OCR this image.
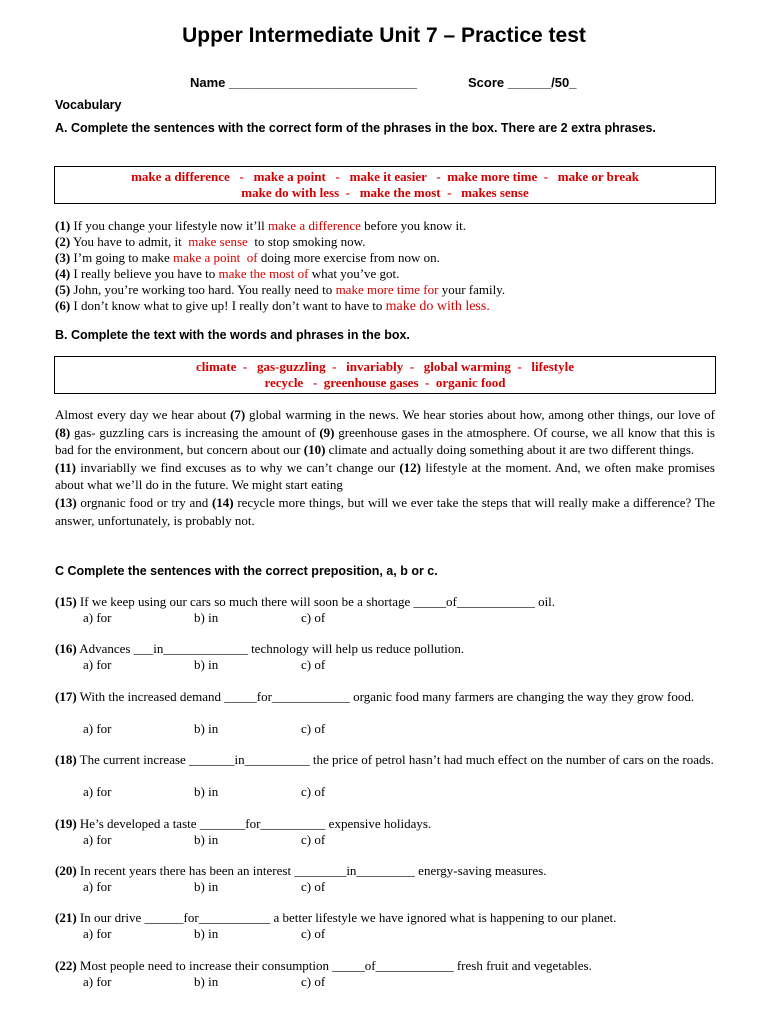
Upper Intermediate Unit 7 – Practice test
Name __________________________	Score ______/50_
Vocabulary
A. Complete the sentences with the correct form of the phrases in the box. There are 2 extra phrases.
make a difference   -   make a point   -   make it easier   -  make more time  -   make or break
make do with less  -   make the most  -   makes sense
(1) If you change your lifestyle now it’ll make a difference before you know it.
(2) You have to admit, it  make sense  to stop smoking now.
(3) I’m going to make make a point  of doing more exercise from now on.
(4) I really believe you have to make the most of what you’ve got.
(5) John, you’re working too hard. You really need to make more time for your family.
(6) I don’t know what to give up! I really don’t want to have to make do with less.
B. Complete the text with the words and phrases in the box.
climate  -   gas-guzzling  -   invariably  -   global warming  -   lifestyle
recycle   -  greenhouse gases  -  organic food
Almost every day we hear about (7) global warming in the news. We hear stories about how, among other things, our love of (8) gas- guzzling cars is increasing the amount of (9) greenhouse gases in the atmosphere. Of course, we all know that this is bad for the environment, but concern about our (10) climate and actually doing something about it are two different things.
(11) invariablly we find excuses as to why we can’t change our (12) lifestyle at the moment. And, we often make promises about what we’ll do in the future. We might start eating
(13) orgnanic food or try and (14) recycle more things, but will we ever take the steps that will really make a difference? The answer, unfortunately, is probably not.
C Complete the sentences with the correct preposition, a, b or c.
(15) If we keep using our cars so much there will soon be a shortage _____of____________ oil.
a) for	b) in	c) of
(16) Advances ___in_____________ technology will help us reduce pollution.
a) for	b) in	c) of
(17) With the increased demand _____for____________ organic food many farmers are changing the way they grow food.
a) for	b) in	c) of
(18) The current increase _______in__________ the price of petrol hasn’t had much effect on the number of cars on the roads.
a) for	b) in	c) of
(19) He’s developed a taste _______for__________ expensive holidays.
a) for	b) in	c) of
(20) In recent years there has been an interest ________in_________ energy-saving measures.
a) for	b) in	c) of
(21) In our drive ______for___________ a better lifestyle we have ignored what is happening to our planet.
a) for	b) in	c) of
(22) Most people need to increase their consumption _____of____________ fresh fruit and vegetables.
a) for	b) in	c) of
